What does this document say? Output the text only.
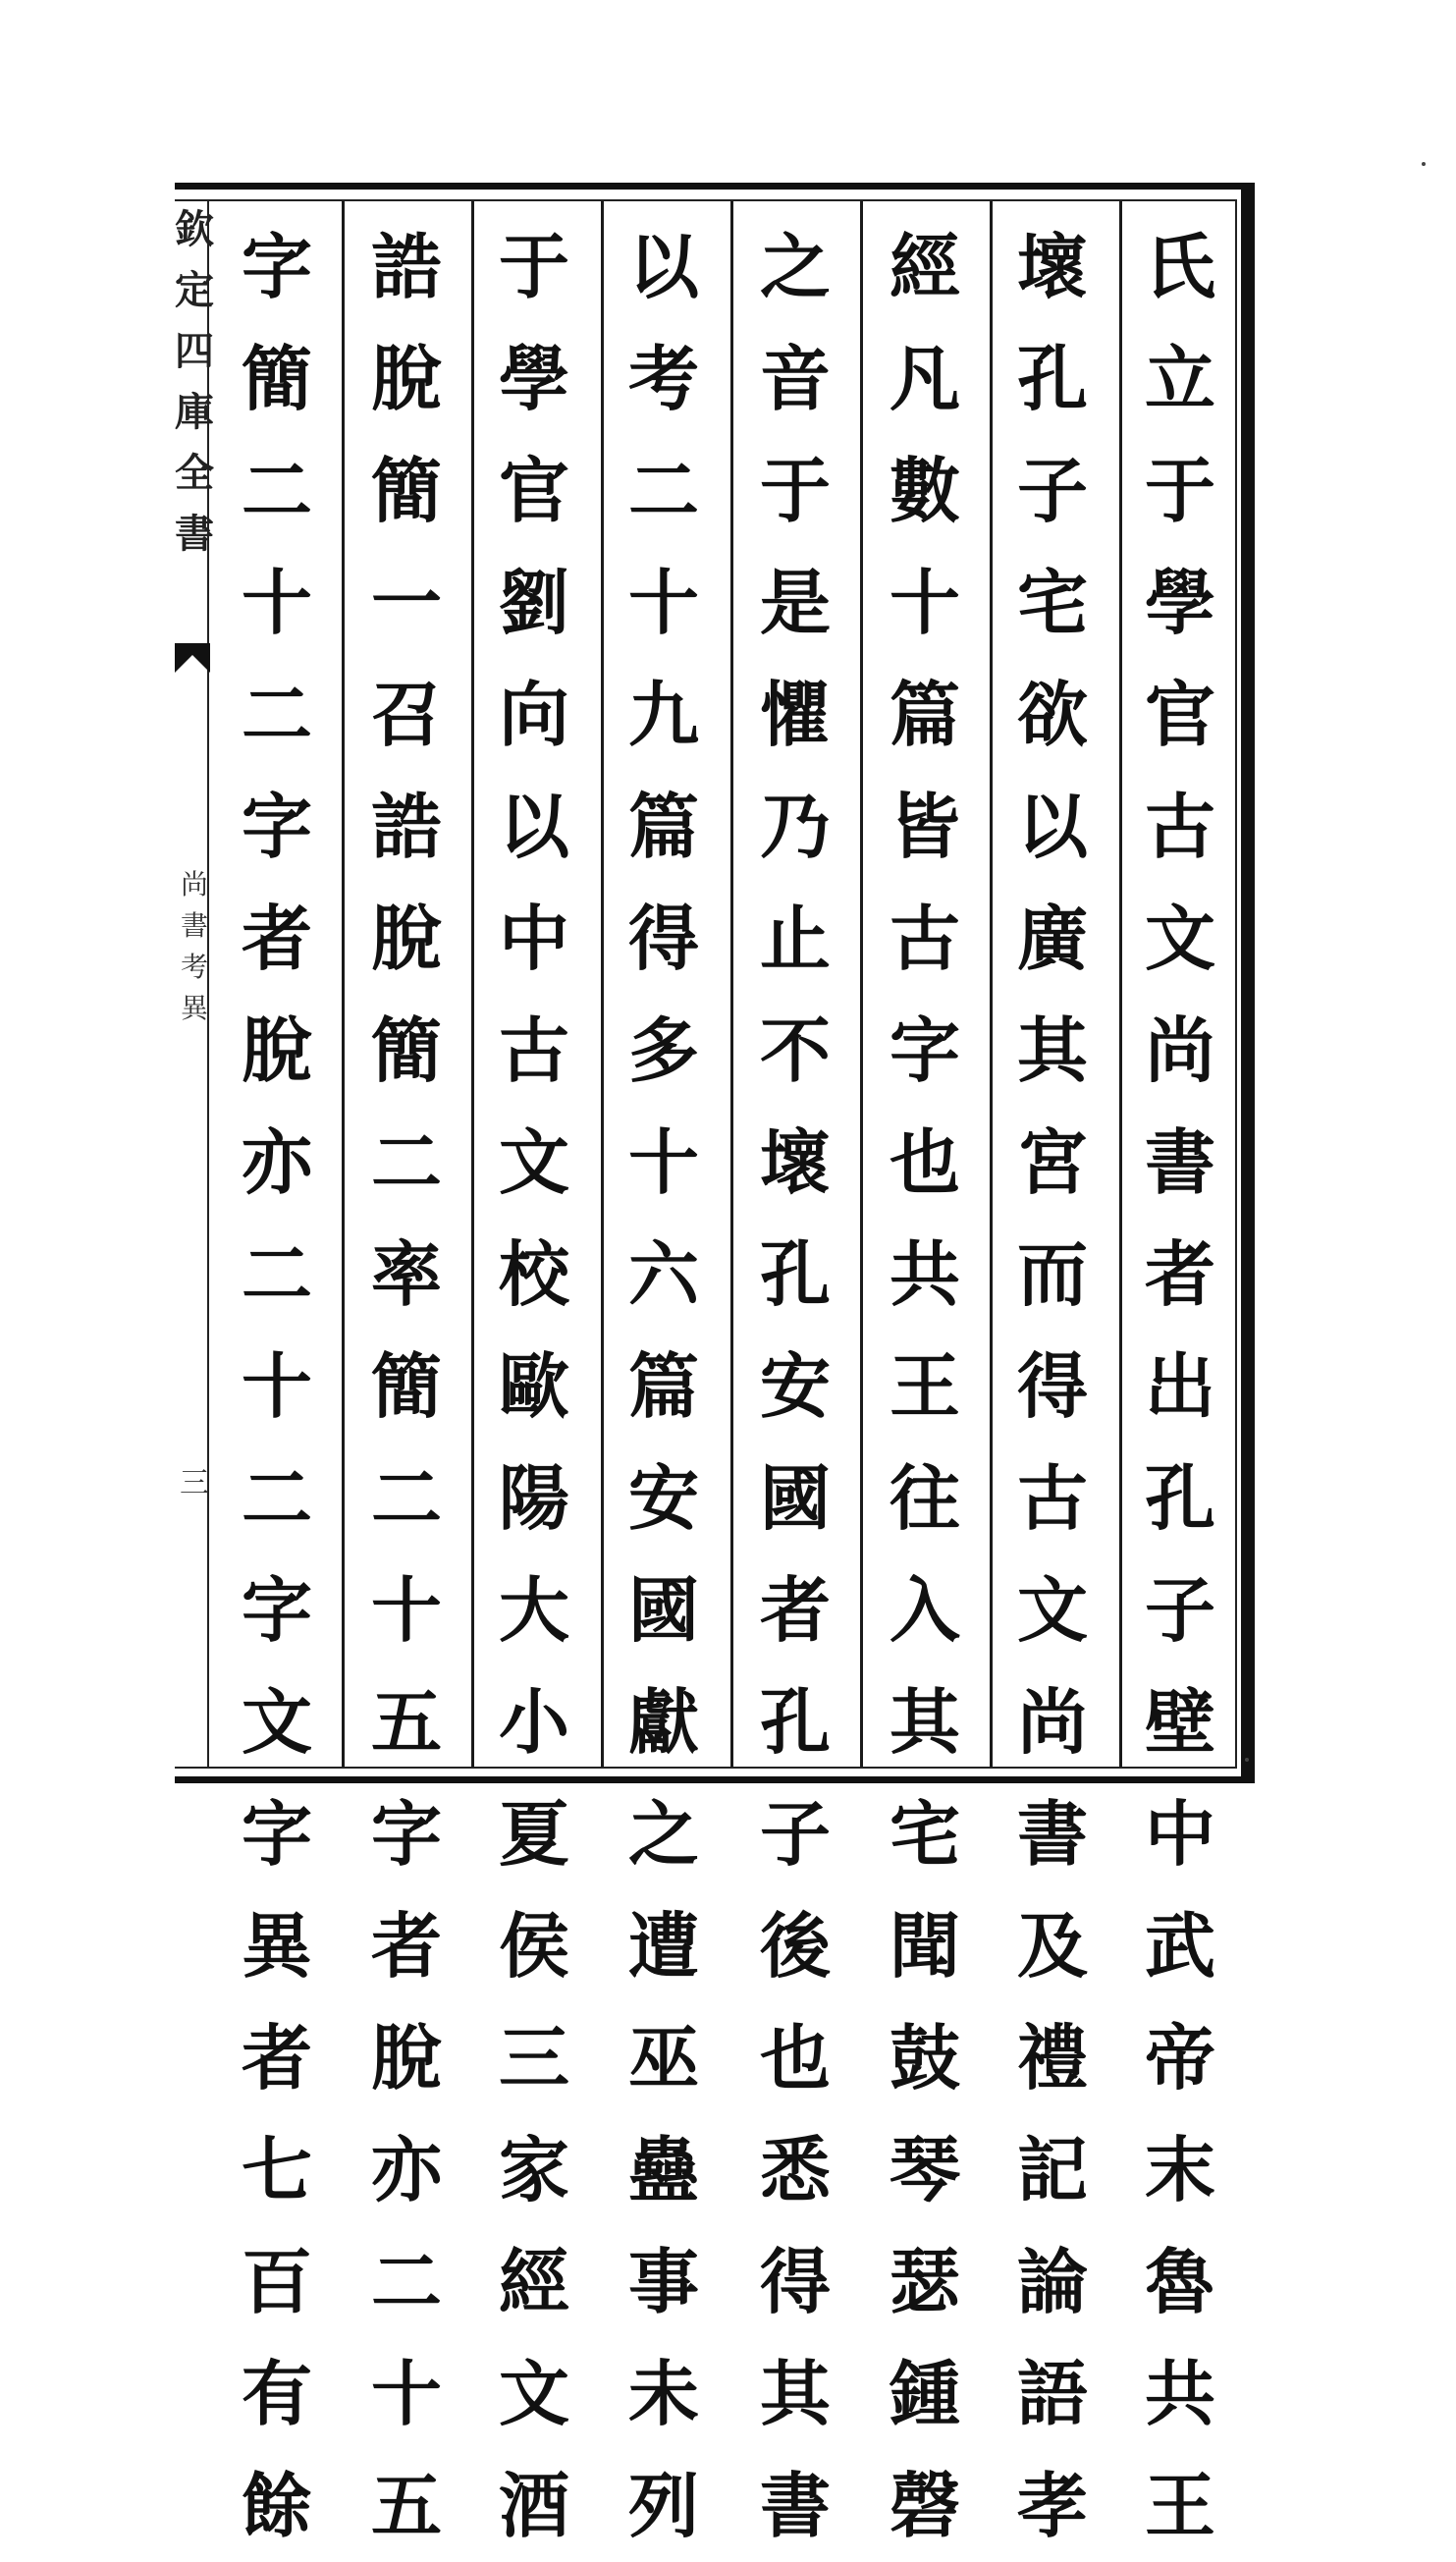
欽
定
四
庫
全
書
尚
書
考
異
三
氏
立
于
學
官
古
文
尚
書
者
出
孔
子
壁
中
武
帝
末
魯
共
王
壞
孔
子
宅
欲
以
廣
其
宮
而
得
古
文
尚
書
及
禮
記
論
語
孝
經
凡
數
十
篇
皆
古
字
也
共
王
往
入
其
宅
聞
鼓
琴
瑟
鍾
磬
之
音
于
是
懼
乃
止
不
壞
孔
安
國
者
孔
子
後
也
悉
得
其
書
以
考
二
十
九
篇
得
多
十
六
篇
安
國
獻
之
遭
巫
蠱
事
未
列
于
學
官
劉
向
以
中
古
文
校
歐
陽
大
小
夏
侯
三
家
經
文
酒
誥
脫
簡
一
召
誥
脫
簡
二
率
簡
二
十
五
字
者
脫
亦
二
十
五
字
簡
二
十
二
字
者
脫
亦
二
十
二
字
文
字
異
者
七
百
有
餘
